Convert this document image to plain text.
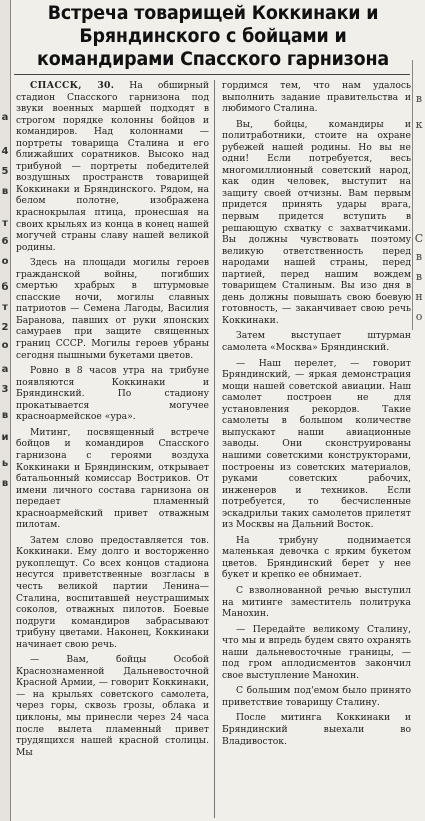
а
4
5
в
т
6
о
б
т
2
о
а
3
в
и
ь
в
в
к
С
в
в
н
о
Встреча товарищей Коккинаки и Бряндинского с бойцами и командирами Спасского гарнизона

СПАССК, 30. На обширный стадион Спасского гарнизона под звуки военных маршей подходят в строгом порядке колонны бойцов и командиров. Над колоннами — портреты товарища Сталина и его ближайших соратников. Высоко над трибуной — портреты победителей воздушных пространств товарищей Коккинаки и Бряндинского. Рядом, на белом полотне, изображена краснокрылая птица, пронесшая на своих крыльях из конца в конец нашей могучей страны славу нашей великой родины.

Здесь на площади могилы героев гражданской войны, погибших смертью храбрых в штурмовые спасские ночи, могилы славных патриотов — Семена Лагоды, Василия Баранова, павших от руки японских самураев при защите священных границ СССР. Могилы героев убраны сегодня пышными букетами цветов.

Ровно в 8 часов утра на трибуне появляются Коккинаки и Бряндинский. По стадиону прокатывается могучее красноармейское «ура».

Митинг, посвященный встрече бойцов и командиров Спасского гарнизона с героями воздуха Коккинаки и Бряндинским, открывает батальонный комиссар Востриков. От имени личного состава гарнизона он передает пламенный красноармейский привет отважным пилотам.

Затем слово предоставляется тов. Коккинаки. Ему долго и восторженно рукоплещут. Со всех концов стадиона несутся приветственные возгласы в честь великой партии Ленина—Сталина, воспитавшей неустрашимых соколов, отважных пилотов. Боевые подруги командиров забрасывают трибуну цветами. Наконец, Коккинаки начинает свою речь.

— Вам, бойцы Особой Краснознаменной Дальневосточной Красной Армии, — говорит Коккинаки, — на крыльях советского самолета, через горы, сквозь грозы, облака и циклоны, мы принесли через 24 часа после вылета пламенный привет трудящихся нашей красной столицы. Мы

гордимся тем, что нам удалось выполнить задание правительства и любимого Сталина.

Вы, бойцы, командиры и политработники, стоите на охране рубежей нашей родины. Но вы не одни! Если потребуется, весь многомиллионный советский народ, как один человек, выступит на защиту своей отчизны. Вам первым придется принять удары врага, первым придется вступить в решающую схватку с захватчиками. Вы должны чувствовать поэтому великую ответственность перед народами нашей страны, перед партией, перед нашим вождем товарищем Сталиным. Вы изо дня в день должны повышать свою боевую готовность, — заканчивает свою речь Коккинаки.

Затем выступает штурман самолета «Москва» Бряндинский.

— Наш перелет, — говорит Бряндинский, — яркая демонстрация мощи нашей советской авиации. Наш самолет построен не для установления рекордов. Такие самолеты в большом количестве выпускают наши авиационные заводы. Они сконструированы нашими советскими конструкторами, построены из советских материалов, руками советских рабочих, инженеров и техников. Если потребуется, то бесчисленные эскадрильи таких самолетов прилетят из Москвы на Дальний Восток.

На трибуну поднимается маленькая девочка с ярким букетом цветов. Бряндинский берет у нее букет и крепко ее обнимает.

С взволнованной речью выступил на митинге заместитель политрука Манохин.

— Передайте великому Сталину, что мы и впредь будем свято охранять наши дальневосточные границы, — под гром аплодисментов закончил свое выступление Манохин.

С большим под'емом было принято приветствие товарищу Сталину.

После митинга Коккинаки и Бряндинский выехали во Владивосток.
